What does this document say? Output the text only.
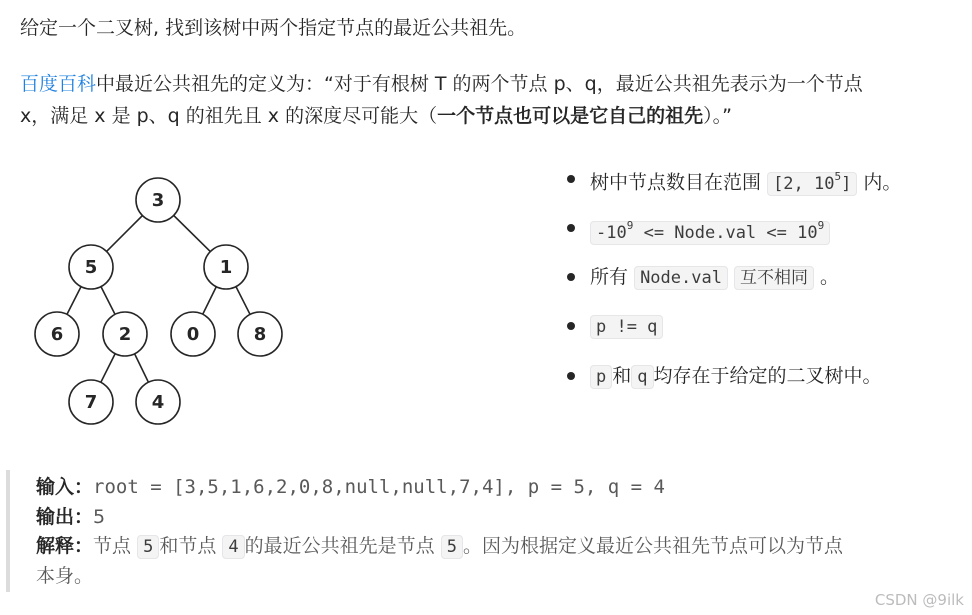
给定一个二叉树, 找到该树中两个指定节点的最近公共祖先。
百度百科中最近公共祖先的定义为：“对于有根树 T 的两个节点 p、q，最近公共祖先表示为一个节点
x，满足 x 是 p、q 的祖先且 x 的深度尽可能大（一个节点也可以是它自己的祖先）。”
3
5	1
6	2	0	8
7	4
树中节点数目在范围 [2, $10^5$] 内。
$-10^9$ <= Node.val <= $10^9$
所有 Node.val 互不相同 。
p != q
p 和 q 均存在于给定的二叉树中。
输入：root = [3,5,1,6,2,0,8,null,null,7,4], p = 5, q = 4
输出：5
解释：节点 5 和节点 4 的最近公共祖先是节点 5 。因为根据定义最近公共祖先节点可以为节点
本身。
CSDN @9ilk
